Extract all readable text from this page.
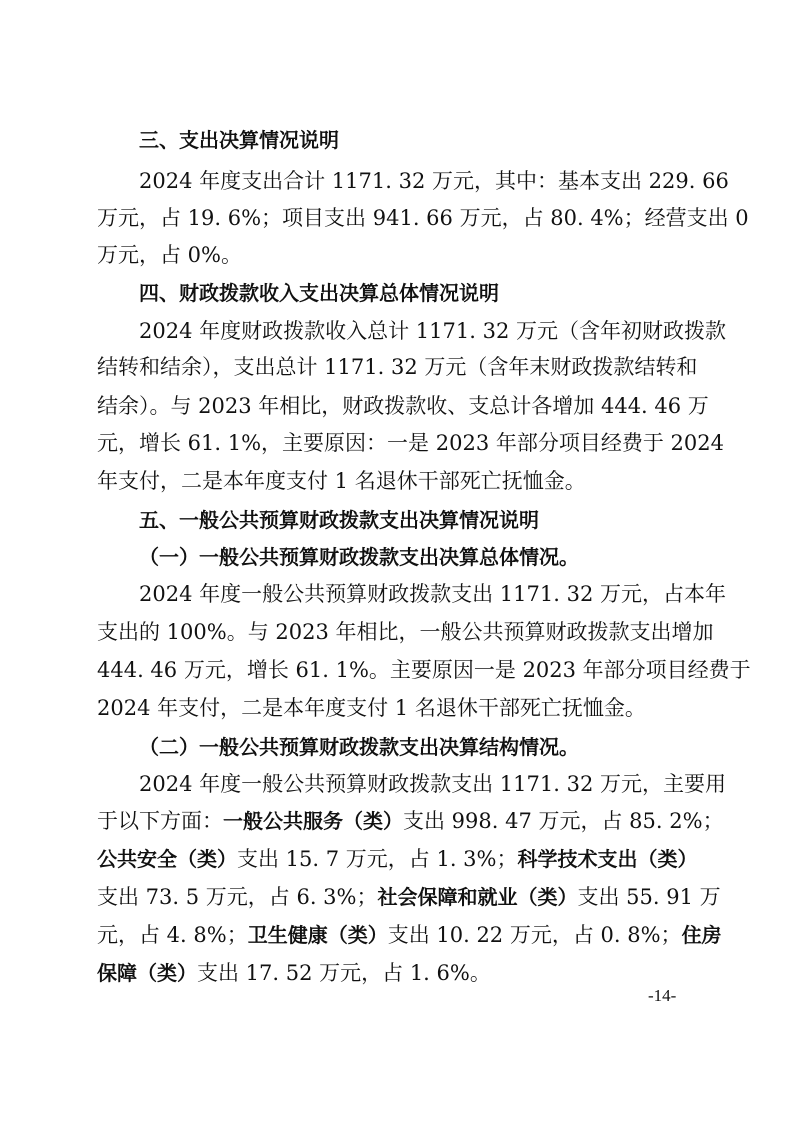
三、支出决算情况说明
2024 年度支出合计 1171. 32 万元，其中：基本支出 229. 66
万元，占 19. 6%；项目支出 941. 66 万元，占 80. 4%；经营支出 0
万元，占 0%。
四、财政拨款收入支出决算总体情况说明
2024 年度财政拨款收入总计 1171. 32 万元（含年初财政拨款
结转和结余），支出总计 1171. 32 万元（含年末财政拨款结转和
结余）。与 2023 年相比，财政拨款收、支总计各增加 444. 46 万
元，增长 61. 1%，主要原因：一是 2023 年部分项目经费于 2024
年支付，二是本年度支付 1 名退休干部死亡抚恤金。
五、一般公共预算财政拨款支出决算情况说明
（一）一般公共预算财政拨款支出决算总体情况。
2024 年度一般公共预算财政拨款支出 1171. 32 万元，占本年
支出的 100%。与 2023 年相比，一般公共预算财政拨款支出增加
444. 46 万元，增长 61. 1%。主要原因一是 2023 年部分项目经费于
2024 年支付，二是本年度支付 1 名退休干部死亡抚恤金。
（二）一般公共预算财政拨款支出决算结构情况。
2024 年度一般公共预算财政拨款支出 1171. 32 万元，主要用
于以下方面：一般公共服务（类）支出 998. 47 万元，占 85. 2%；
公共安全（类）支出 15. 7 万元，占 1. 3%；科学技术支出（类）
支出 73. 5 万元，占 6. 3%；社会保障和就业（类）支出 55. 91 万
元，占 4. 8%；卫生健康（类）支出 10. 22 万元，占 0. 8%；住房
保障（类）支出 17. 52 万元，占 1. 6%。
-14-
